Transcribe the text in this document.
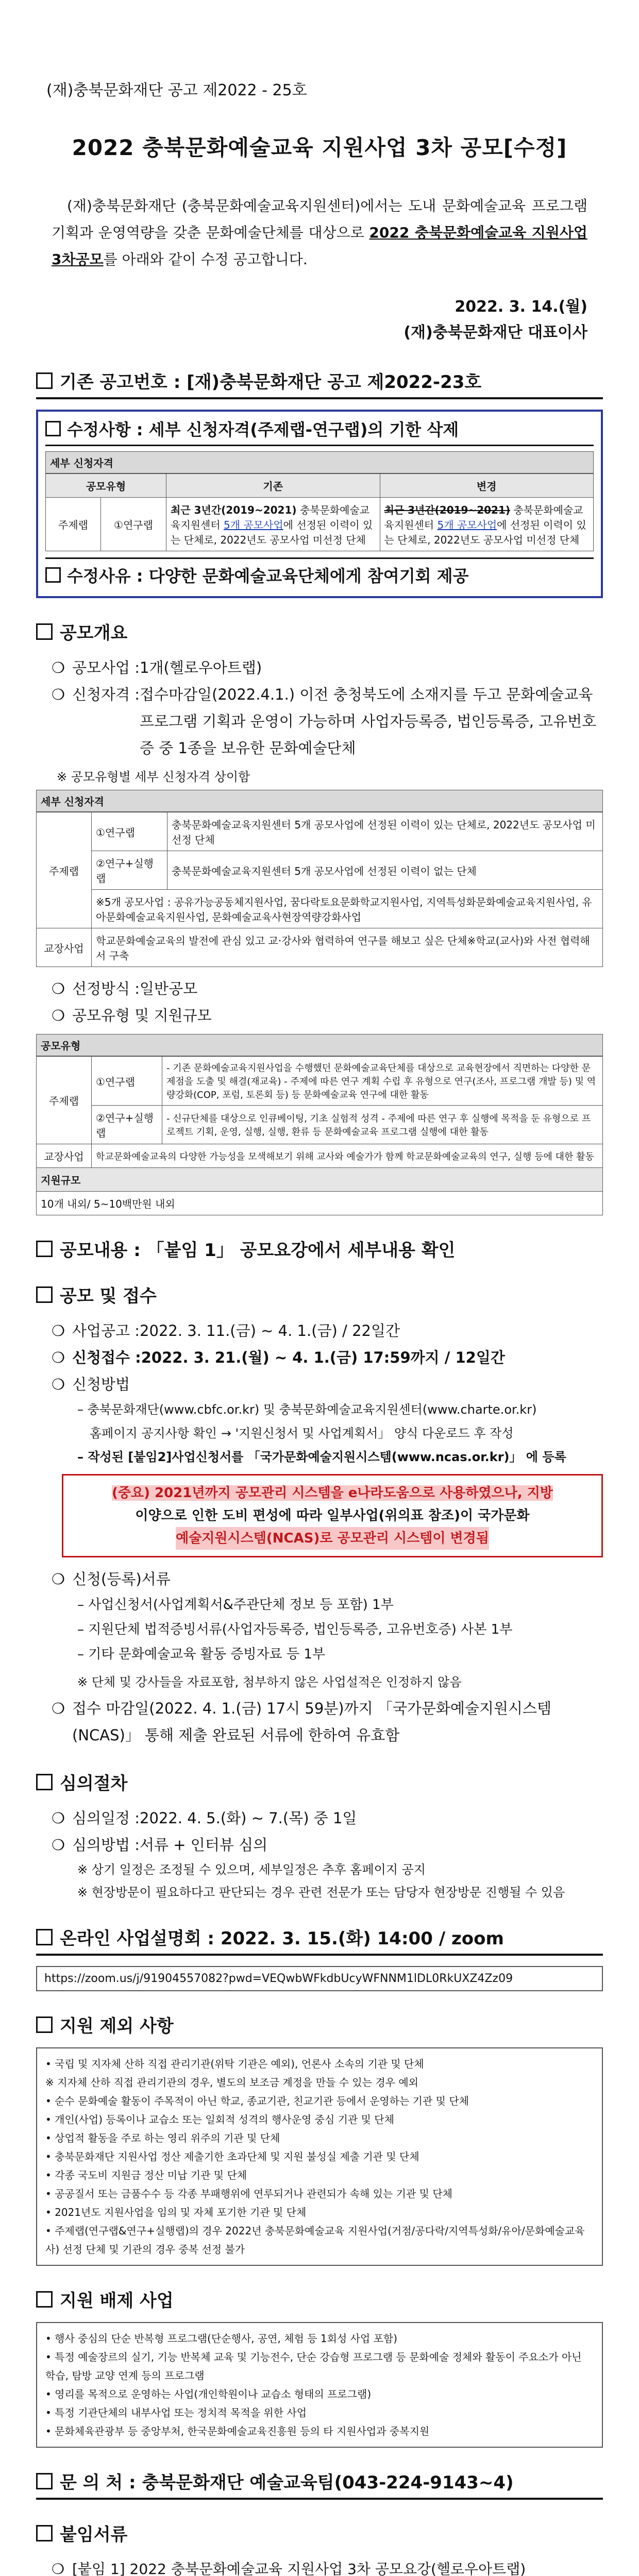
(재)충북문화재단 공고 제2022 - 25호
2022 충북문화예술교육 지원사업 3차 공모[수정]
(재)충북문화재단 (충북문화예술교육지원센터)에서는 도내 문화예술교육 프로그램 기획과 운영역량을 갖춘 문화예술단체를 대상으로 2022 충북문화예술교육 지원사업 3차공모를 아래와 같이 수정 공고합니다.
2022. 3. 14.(월)
(재)충북문화재단 대표이사
기존 공고번호 : [재)충북문화재단 공고 제2022-23호
수정사항 : 세부 신청자격(주제랩-연구랩)의 기한 삭제
세부 신청자격
공모유형		기존	변경
주제랩	①연구랩	최근 3년간(2019~2021) 충북문화예술교육지원센터 5개 공모사업에 선정된 이력이 있는 단체로, 2022년도 공모사업 미선정 단체	최근 3년간(2019~2021) 충북문화예술교육지원센터 5개 공모사업에 선정된 이력이 있는 단체로, 2022년도 공모사업 미선정 단체
수정사유 : 다양한 문화예술교육단체에게 참여기회 제공
공모개요
❍ 공모사업 : 1개(헬로우아트랩)
❍ 신청자격 : 접수마감일(2022.4.1.) 이전 충청북도에 소재지를 두고 문화예술교육 프로그램 기획과 운영이 가능하며 사업자등록증, 법인등록증, 고유번호증 중 1종을 보유한 문화예술단체
※ 공모유형별 세부 신청자격 상이함
세부 신청자격
주제랩	①연구랩	충북문화예술교육지원센터 5개 공모사업에 선정된 이력이 있는 단체로, 2022년도 공모사업 미선정 단체
	②연구+실행랩	충북문화예술교육지원센터 5개 공모사업에 선정된 이력이 없는 단체
	※5개 공모사업 : 공유가능공동체지원사업, 꿈다락토요문화학교지원사업, 지역특성화문화예술교육지원사업, 유아문화예술교육지원사업, 문화예술교육사현장역량강화사업	
교장사업	학교문화예술교육의 발전에 관심 있고 교·강사와 협력하여 연구를 해보고 싶은 단체※학교(교사)와 사전 협력해서 구축	
❍ 선정방식 : 일반공모
❍ 공모유형 및 지원규모
공모유형
주제랩	①연구랩	- 기존 문화예술교육지원사업을 수행했던 문화예술교육단체를 대상으로 교육현장에서 직면하는 다양한 문제점을 도출 및 해결(재교육) - 주제에 따른 연구 계획 수립 후 유형으로 연구(조사, 프로그램 개발 등) 및 역량강화(COP, 포럼, 토론회 등) 등 문화예술교육 연구에 대한 활동
	②연구+실행랩	- 신규단체를 대상으로 인큐베이팅, 기초 실험적 성격 - 주제에 따른 연구 후 실행에 목적을 둔 유형으로 프로젝트 기획, 운영, 실행, 실행, 환류 등 문화예술교육 프로그램 실행에 대한 활동
교장사업	학교문화예술교육의 다양한 가능성을 모색해보기 위해 교사와 예술가가 함께 학교문화예술교육의 연구, 실행 등에 대한 활동	
지원규모		
10개 내외/ 5~10백만원 내외		
공모내용 : 「붙임 1」 공모요강에서 세부내용 확인
공모 및 접수
❍ 사업공고 : 2022. 3. 11.(금) ~ 4. 1.(금) / 22일간
❍ 신청접수 : 2022. 3. 21.(월) ~ 4. 1.(금) 17:59까지 / 12일간
❍ 신청방법
– 충북문화재단(www.cbfc.or.kr) 및 충북문화예술교육지원센터(www.charte.or.kr)
홈페이지 공지사항 확인 → '지원신청서 및 사업계획서」 양식 다운로드 후 작성
– 작성된 [붙임2]사업신청서를 「국가문화예술지원시스템(www.ncas.or.kr)」 에 등록
(중요) 2021년까지 공모관리 시스템을 e나라도움으로 사용하였으나, 지방
이양으로 인한 도비 편성에 따라 일부사업(위의표 참조)이 국가문화
예술지원시스템(NCAS)로 공모관리 시스템이 변경됨
❍ 신청(등록)서류
– 사업신청서(사업계획서&주관단체 정보 등 포함) 1부
– 지원단체 법적증빙서류(사업자등록증, 법인등록증, 고유번호증) 사본 1부
– 기타 문화예술교육 활동 증빙자료 등 1부
※ 단체 및 강사들을 자료포함, 첨부하지 않은 사업설적은 인정하지 않음
❍ 접수 마감일(2022. 4. 1.(금) 17시 59분)까지 「국가문화예술지원시스템(NCAS)」 통해 제출 완료된 서류에 한하여 유효함
심의절차
❍ 심의일정 : 2022. 4. 5.(화) ~ 7.(목) 중 1일
❍ 심의방법 : 서류 + 인터뷰 심의
※ 상기 일정은 조정될 수 있으며, 세부일정은 추후 홈페이지 공지
※ 현장방문이 필요하다고 판단되는 경우 관련 전문가 또는 담당자 현장방문 진행될 수 있음
온라인 사업설명회 : 2022. 3. 15.(화) 14:00 / zoom
https://zoom.us/j/91904557082?pwd=VEQwbWFkdbUcyWFNNM1lDL0RkUXZ4Zz09
지원 제외 사항
• 국립 및 지자체 산하 직접 관리기관(위탁 기관은 예외), 언론사 소속의 기관 및 단체
※ 지자체 산하 직접 관리기관의 경우, 별도의 보조금 계정을 만들 수 있는 경우 예외
• 순수 문화예술 활동이 주목적이 아닌 학교, 종교기관, 친교기관 등에서 운영하는 기관 및 단체
• 개인(사업) 등록이나 교습소 또는 일회적 성격의 행사운영 중심 기관 및 단체
• 상업적 활동을 주로 하는 영리 위주의 기관 및 단체
• 충북문화재단 지원사업 정산 제출기한 초과단체 및 지원 불성실 제출 기관 및 단체
• 각종 국도비 지원금 정산 미납 기관 및 단체
• 공공질서 또는 금품수수 등 각종 부패행위에 연루되거나 관련되가 속해 있는 기관 및 단체
• 2021년도 지원사업을 임의 및 자체 포기한 기관 및 단체
• 주제랩(연구랩&연구+실행랩)의 경우 2022년 충북문화예술교육 지원사업(거점/공다락/지역특성화/유아/문화예술교육사) 선정 단체 및 기관의 경우 중복 선정 불가
지원 배제 사업
• 행사 중심의 단순 반복형 프로그램(단순행사, 공연, 체험 등 1회성 사업 포함)
• 특정 예술장르의 실기, 기능 반복체 교육 및 기능전수, 단순 강습형 프로그램 등 문화예술 정체와 활동이 주요소가 아닌 학습, 탐방 교양 연계 등의 프로그램
• 영리를 목적으로 운영하는 사업(개인학원이나 교습소 형태의 프로그램)
• 특정 기관단체의 내부사업 또는 정치적 목적을 위한 사업
• 문화체육관광부 등 중앙부처, 한국문화예술교육진흥원 등의 타 지원사업과 중복지원
문 의 처 : 충북문화재단 예술교육팀(043-224-9143~4)
붙임서류
❍ [붙임 1] 2022 충북문화예술교육 지원사업 3차 공모요강(헬로우아트랩)
